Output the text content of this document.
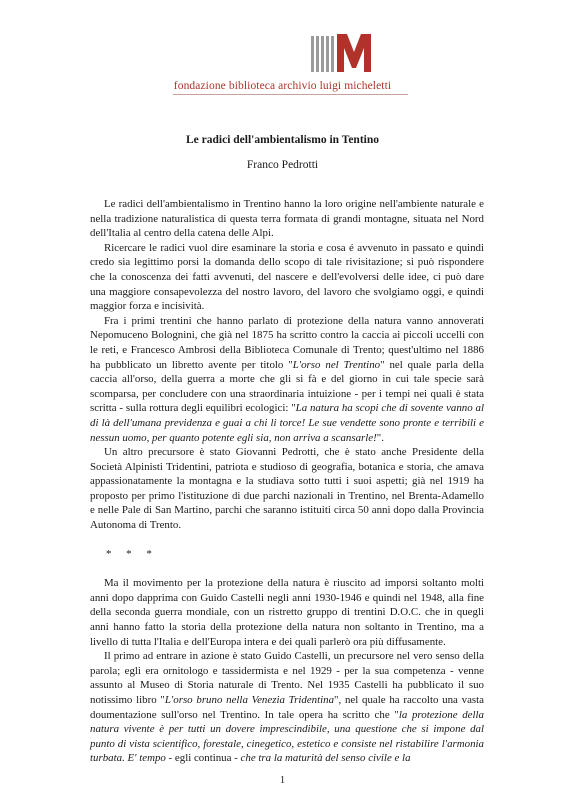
fondazione biblioteca archivio luigi micheletti
Le radici dell'ambientalismo in Tentino
Franco Pedrotti

Le radici dell'ambientalismo in Trentino hanno la loro origine nell'ambiente naturale e nella tradizione naturalistica di questa terra formata di grandi montagne, situata nel Nord dell'Italia al centro della catena delle Alpi.

Ricercare le radici vuol dire esaminare la storia e cosa é avvenuto in passato e quindi credo sia legittimo porsi la domanda dello scopo di tale rivisitazione; si può rispondere che la conoscenza dei fatti avvenuti, del nascere e dell'evolversi delle idee, ci può dare una maggiore consapevolezza del nostro lavoro, del lavoro che svolgiamo oggi, e quindi maggior forza e incisività.

Fra i primi trentini che hanno parlato di protezione della natura vanno annoverati Nepomuceno Bolognini, che già nel 1875 ha scritto contro la caccia ai piccoli uccelli con le reti, e Francesco Ambrosi della Biblioteca Comunale di Trento; quest'ultimo nel 1886 ha pubblicato un libretto avente per titolo "L'orso nel Trentino" nel quale parla della caccia all'orso, della guerra a morte che gli si fà e del giorno in cui tale specie sarà scomparsa, per concludere con una straordinaria intuizione - per i tempi nei quali è stata scritta - sulla rottura degli equilibri ecologici: "La natura ha scopi che di sovente vanno al di là dell'umana previdenza e guai a chi li torce! Le sue vendette sono pronte e terribili e nessun uomo, per quanto potente egli sia, non arriva a scansarle!".

Un altro precursore è stato Giovanni Pedrotti, che è stato anche Presidente della Società Alpinisti Tridentini, patriota e studioso di geografia, botanica e storia, che amava appassionatamente la montagna e la studiava sotto tutti i suoi aspetti; già nel 1919 ha proposto per primo l'istituzione di due parchi nazionali in Trentino, nel Brenta-Adamello e nelle Pale di San Martino, parchi che saranno istituiti circa 50 anni dopo dalla Provincia Autonoma di Trento.

* * *

Ma il movimento per la protezione della natura è riuscito ad imporsi soltanto molti anni dopo dapprima con Guido Castelli negli anni 1930-1946 e quindi nel 1948, alla fine della seconda guerra mondiale, con un ristretto gruppo di trentini D.O.C. che in quegli anni hanno fatto la storia della protezione della natura non soltanto in Trentino, ma a livello di tutta l'Italia e dell'Europa intera e dei quali parlerò ora più diffusamente.

Il primo ad entrare in azione è stato Guido Castelli, un precursore nel vero senso della parola; egli era ornitologo e tassidermista e nel 1929 - per la sua competenza - venne assunto al Museo di Storia naturale di Trento. Nel 1935 Castelli ha pubblicato il suo notissimo libro "L'orso bruno nella Venezia Tridentina", nel quale ha raccolto una vasta doumentazione sull'orso nel Trentino. In tale opera ha scritto che "la protezione della natura vivente è per tutti un dovere imprescindibile, una questione che si impone dal punto di vista scientifico, forestale, cinegetico, estetico e consiste nel ristabilire l'armonia turbata. E' tempo - egli continua - che tra la maturità del senso civile e la

1
